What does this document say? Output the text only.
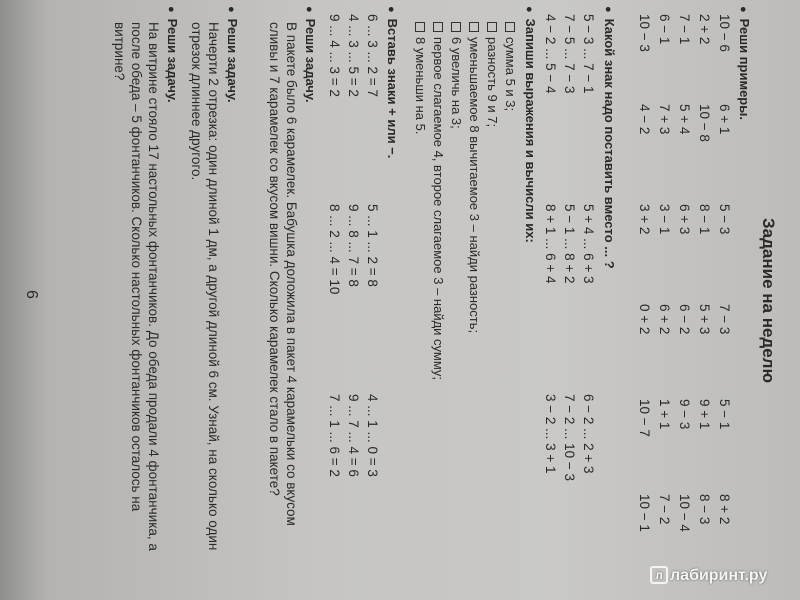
Задание на неделю
● Реши примеры.
10 − 6
2 + 2
7 − 1
6 − 1
10 − 3
6 + 1
10 − 8
5 + 4
7 + 3
4 − 2
5 − 3
8 − 1
6 + 3
3 − 1
3 + 2
7 − 3
5 + 3
6 − 2
6 + 2
0 + 2
5 − 1
9 + 1
9 − 3
1 + 1
10 − 7
8 + 2
8 − 3
10 − 4
7 − 2
10 − 1
● Какой знак надо поставить вместо ... ?
5 − 3 ... 7 − 1
5 + 4 ... 6 + 3
6 − 2 ... 2 + 3
7 − 5 ... 7 − 3
5 − 1 ... 8 + 2
7 − 2 ... 10 − 3
4 − 2 ... 5 − 4
8 + 1 ... 6 + 4
3 − 2 ... 3 + 1
● Запиши выражения и вычисли их:
сумма 5 и 3;
разность 9 и 7;
уменьшаемое 8 вычитаемое 3 – найди разность;
6 увеличь на 3;
первое слагаемое 4, второе слагаемое 3 – найди сумму;
8 уменьши на 5.
● Вставь знаки + или −.
6 ... 3 ... 2 = 7
5 ... 1 ... 2 = 8
4 ... 1 ... 0 = 3
4 ... 3 ... 5 = 2
9 ... 8 ... 7 = 8
9 ... 7 ... 4 = 6
9 ... 4 ... 3 = 2
8 ... 2 ... 4 = 10
7 ... 1 ... 6 = 2
● Реши задачу.
В пакете было 6 карамелек. Бабушка доложила в пакет 4 карамельки со вкусом сливы и 7 карамелек со вкусом вишни. Сколько карамелек стало в пакете?
● Реши задачу.
Начерти 2 отрезка: один длиной 1 дм, а другой длиной 6 см. Узнай, на сколько один отрезок длиннее другого.
● Реши задачу.
На витрине стояло 17 настольных фонтанчиков. До обеда продали 4 фонтанчика, а после обеда – 5 фонтанчиков. Сколько настольных фонтанчиков осталось на витрине?
6
л лабиринт.ру
